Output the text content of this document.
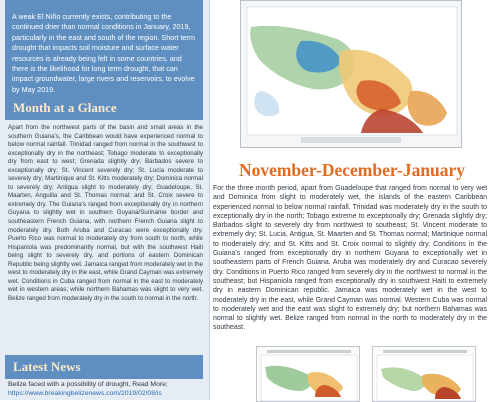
A weak El Niño currently exists, contributing to the continued drier than normal conditions in January, 2019, particularly in the east and south of the region. Short term drought that impacts soil moisture and surface water resources is already being felt in some countries, and there is the likelihood for long term drought, that can impact groundwater, large rivers and reservoirs, to evolve by May 2019.
Month at a Glance
Apart from the northwest parts of the basin and small areas in the southern Guiana's, the Caribbean would have experienced normal to below normal rainfall. Trinidad ranged from normal in the southwest to exceptionally dry in the northeast; Tobago moderate to exceptionally dry from east to west; Grenada slightly dry; Barbados severe to exceptionally dry; St. Vincent severely dry; St. Lucia moderate to severely dry; Martinique and St. Kitts moderately dry; Dominica normal to severely dry; Antigua slight to moderately dry; Guadeloupe, St. Maarten, Anguilla and St. Thomas normal; and St. Croix severe to extremely dry. The Guiana's ranged from exceptionally dry in northern Guyana to slightly wet in southern Guyana/Suriname border and southeastern French Guiana, with northern French Guiana slight to moderately dry. Both Aruba and Curacao were exceptionally dry. Puerto Rico was normal to moderately dry from south to north, while Hispaniola was predominantly normal, but with the southwest Haiti being slight to severely dry, and portions of eastern Dominican Republic being slightly wet. Jamaica ranged from moderately wet in the west to moderately dry in the east, while Grand Cayman was extremely wet. Conditions in Cuba ranged from normal in the east to moderately wet in western areas; while northern Bahamas was slight to very wet. Belize ranged from moderately dry in the south to normal in the north.
Latest News
Belize faced with a possibility of drought, Read More;
https://www.breakingbelizenews.com/2019/02/08/is
November-December-January
For the three month period, apart from Guadeloupe that ranged from normal to very wet and Dominica from slight to moderately wet, the islands of the eastern Caribbean experienced normal to below normal rainfall. Trinidad was moderately dry in the south to exceptionally dry in the north; Tobago extreme to exceptionally dry; Grenada slightly dry; Barbados slight to severely dry from northwest to southeast; St. Vincent moderate to extremely dry; St. Lucia, Antigua, St. Maarten and St. Thomas normal; Martinique normal to moderately dry; and St. Kitts and St. Croix normal to slightly dry. Conditions in the Guiana's ranged from exceptionally dry in northern Guyana to exceptionally wet in southeastern parts of French Guiana. Aruba was moderately dry and Curacao severely dry. Conditions in Puerto Rico ranged from severely dry in the northwest to normal in the southeast; but Hispaniola ranged from exceptionally dry in southwest Haiti to extremely dry in eastern Dominican republic. Jamaica was moderately wet in the west to moderately dry in the east, while Grand Cayman was normal. Western Cuba was normal to moderately wet and the east was slight to extremely dry; but northern Bahamas was normal to slightly wet. Belize ranged from normal in the north to moderately dry in the southeast.
